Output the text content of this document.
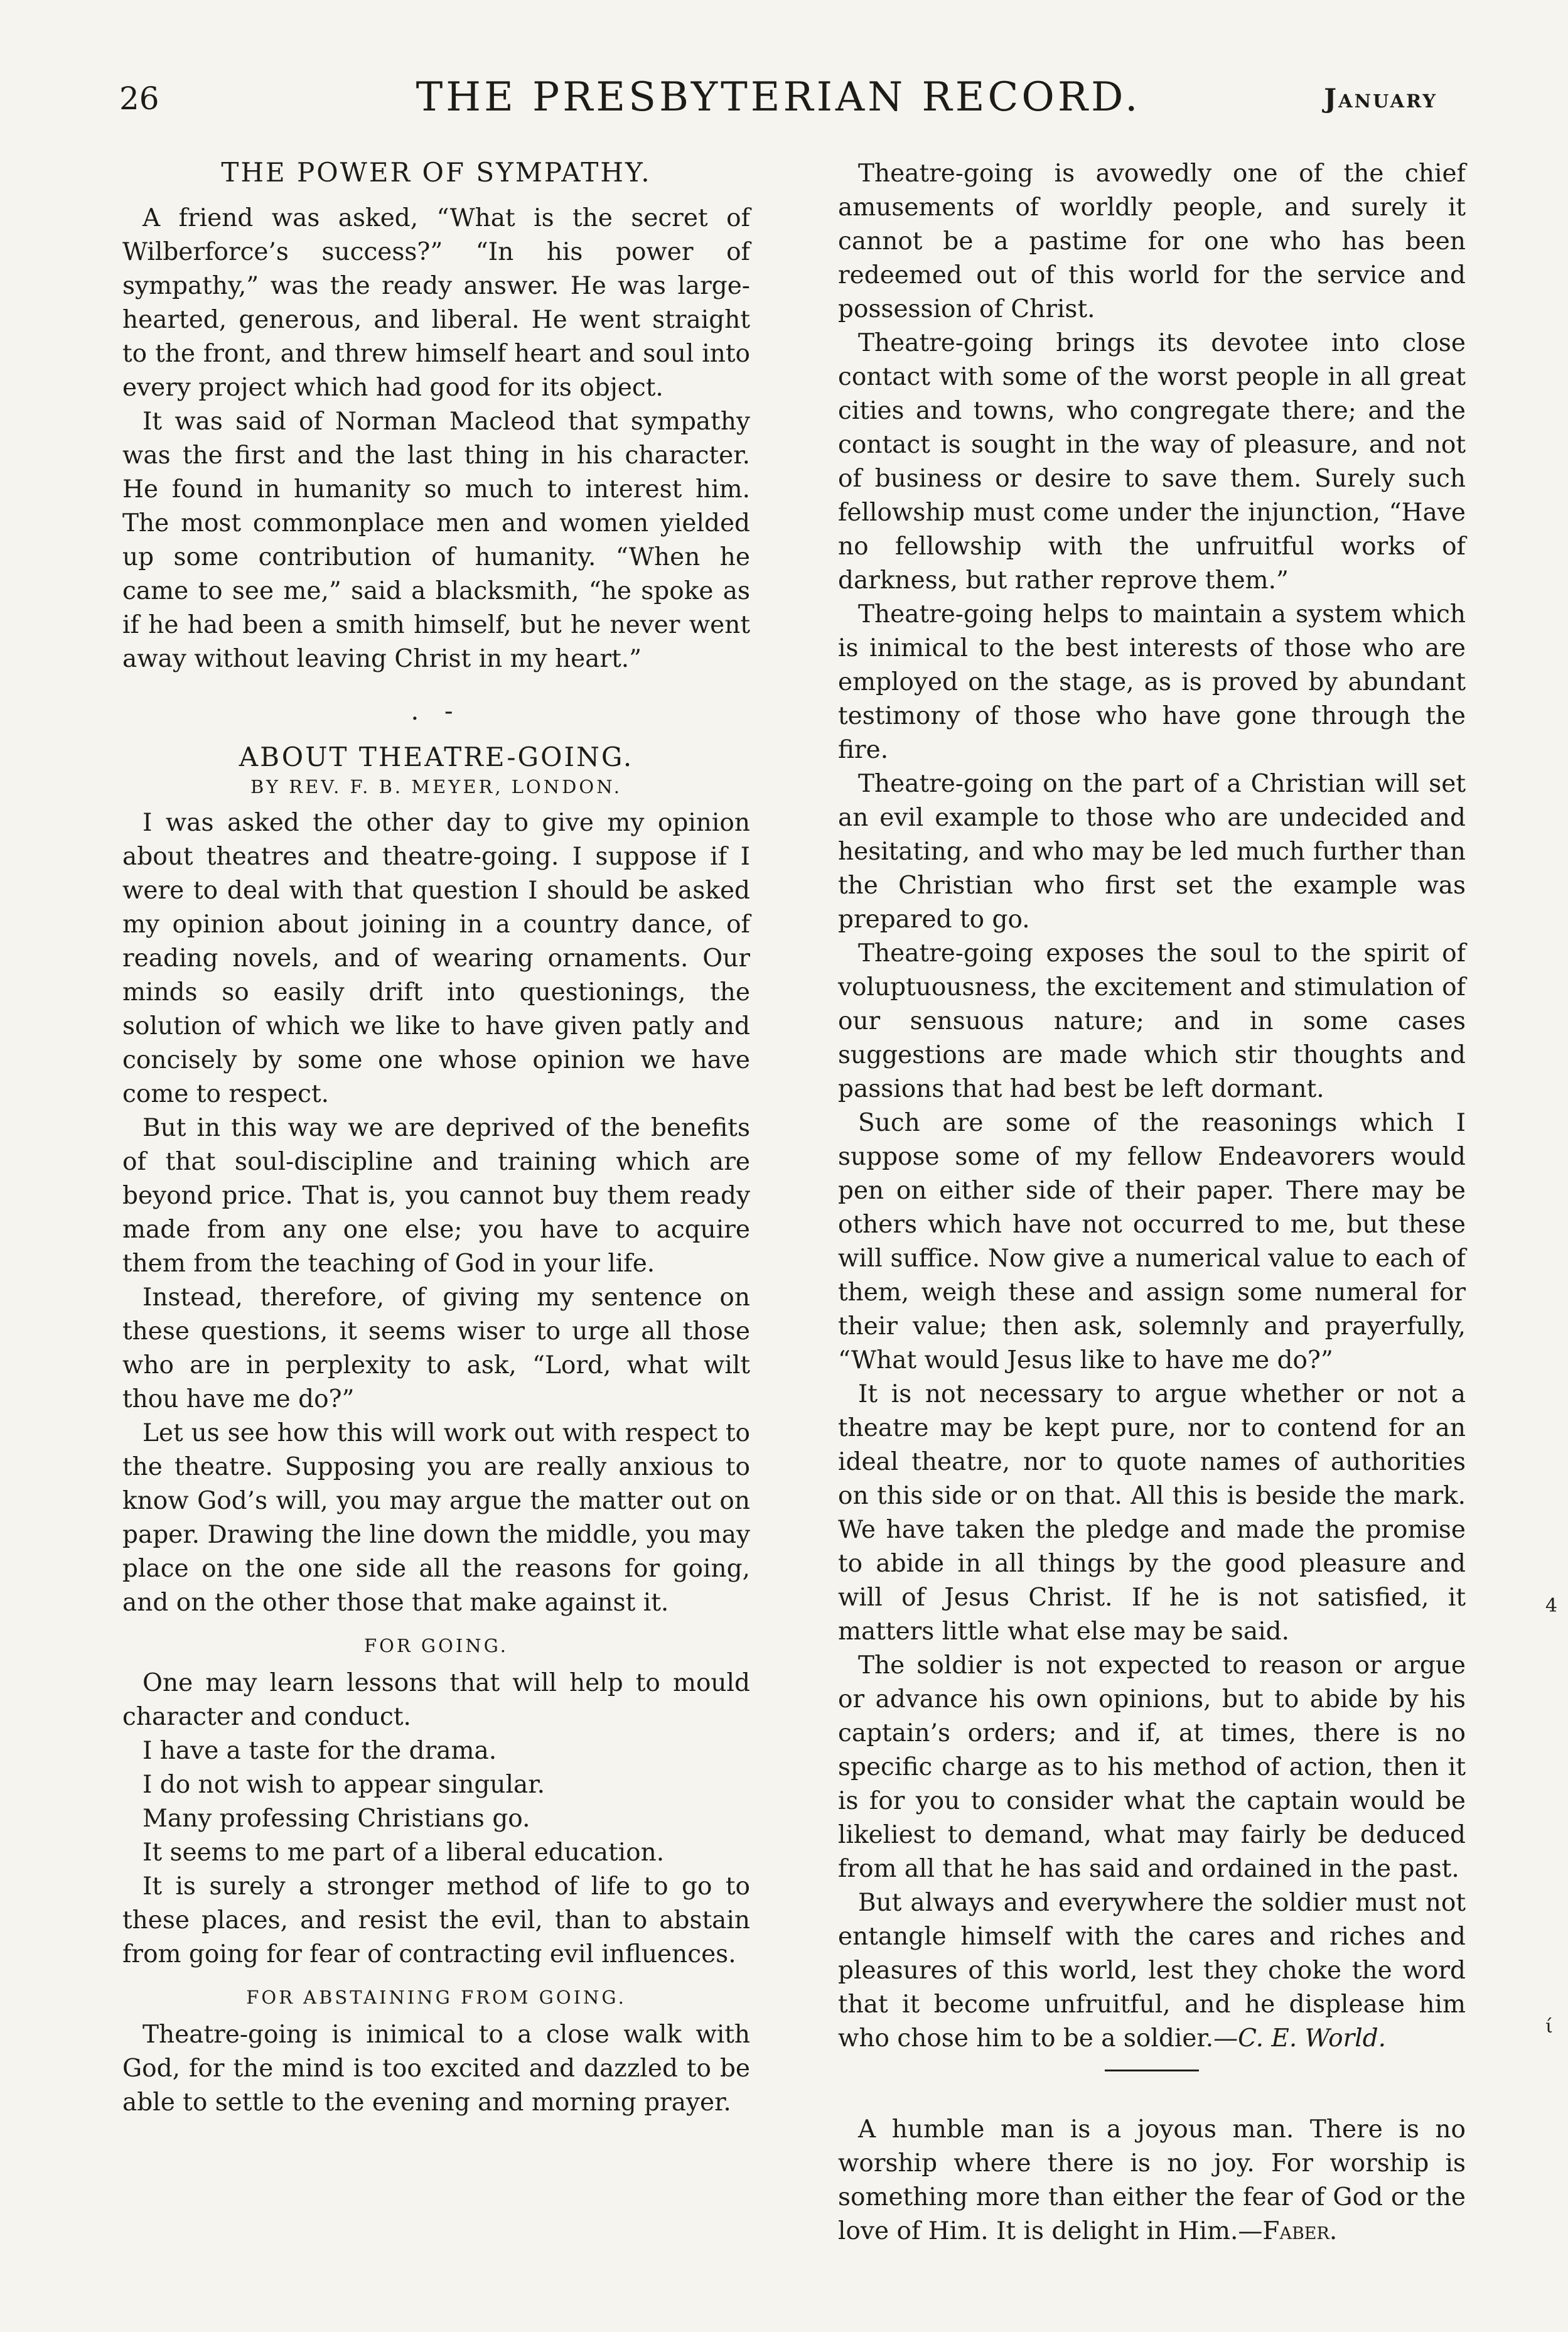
26	THE PRESBYTERIAN RECORD.	January
THE POWER OF SYMPATHY.

A friend was asked, “What is the secret of Wilberforce’s success?” “In his power of sympathy,” was the ready answer. He was large-hearted, generous, and liberal. He went straight to the front, and threw himself heart and soul into every project which had good for its object.

It was said of Norman Macleod that sympathy was the first and the last thing in his character. He found in humanity so much to interest him. The most commonplace men and women yielded up some contribution of humanity. “When he came to see me,” said a blacksmith, “he spoke as if he had been a smith himself, but he never went away without leaving Christ in my heart.”

. -
ABOUT THEATRE-GOING.
BY REV. F. B. MEYER, LONDON.

I was asked the other day to give my opinion about theatres and theatre-going. I suppose if I were to deal with that question I should be asked my opinion about joining in a country dance, of reading novels, and of wearing ornaments. Our minds so easily drift into questionings, the solution of which we like to have given patly and concisely by some one whose opinion we have come to respect.

But in this way we are deprived of the benefits of that soul-discipline and training which are beyond price. That is, you cannot buy them ready made from any one else; you have to acquire them from the teaching of God in your life.

Instead, therefore, of giving my sentence on these questions, it seems wiser to urge all those who are in perplexity to ask, “Lord, what wilt thou have me do?”

Let us see how this will work out with respect to the theatre. Supposing you are really anxious to know God’s will, you may argue the matter out on paper. Drawing the line down the middle, you may place on the one side all the reasons for going, and on the other those that make against it.

FOR GOING.

One may learn lessons that will help to mould character and conduct.

I have a taste for the drama.

I do not wish to appear singular.

Many professing Christians go.

It seems to me part of a liberal education.

It is surely a stronger method of life to go to these places, and resist the evil, than to abstain from going for fear of contracting evil influences.

FOR ABSTAINING FROM GOING.

Theatre-going is inimical to a close walk with God, for the mind is too excited and dazzled to be able to settle to the evening and morning prayer.

Theatre-going is avowedly one of the chief amusements of worldly people, and surely it cannot be a pastime for one who has been redeemed out of this world for the service and possession of Christ.

Theatre-going brings its devotee into close contact with some of the worst people in all great cities and towns, who congregate there; and the contact is sought in the way of pleasure, and not of business or desire to save them. Surely such fellowship must come under the injunction, “Have no fellowship with the unfruitful works of darkness, but rather reprove them.”

Theatre-going helps to maintain a system which is inimical to the best interests of those who are employed on the stage, as is proved by abundant testimony of those who have gone through the fire.

Theatre-going on the part of a Christian will set an evil example to those who are undecided and hesitating, and who may be led much further than the Christian who first set the example was prepared to go.

Theatre-going exposes the soul to the spirit of voluptuousness, the excitement and stimulation of our sensuous nature; and in some cases suggestions are made which stir thoughts and passions that had best be left dormant.

Such are some of the reasonings which I suppose some of my fellow Endeavorers would pen on either side of their paper. There may be others which have not occurred to me, but these will suffice. Now give a numerical value to each of them, weigh these and assign some numeral for their value; then ask, solemnly and prayerfully, “What would Jesus like to have me do?”

It is not necessary to argue whether or not a theatre may be kept pure, nor to contend for an ideal theatre, nor to quote names of authorities on this side or on that. All this is beside the mark. We have taken the pledge and made the promise to abide in all things by the good pleasure and will of Jesus Christ. If he is not satisfied, it matters little what else may be said.

The soldier is not expected to reason or argue or advance his own opinions, but to abide by his captain’s orders; and if, at times, there is no specific charge as to his method of action, then it is for you to consider what the captain would be likeliest to demand, what may fairly be deduced from all that he has said and ordained in the past.

But always and everywhere the soldier must not entangle himself with the cares and riches and pleasures of this world, lest they choke the word that it become unfruitful, and he displease him who chose him to be a soldier.—C. E. World.

A humble man is a joyous man. There is no worship where there is no joy. For worship is something more than either the fear of God or the love of Him. It is delight in Him.—Faber.

4
ί
